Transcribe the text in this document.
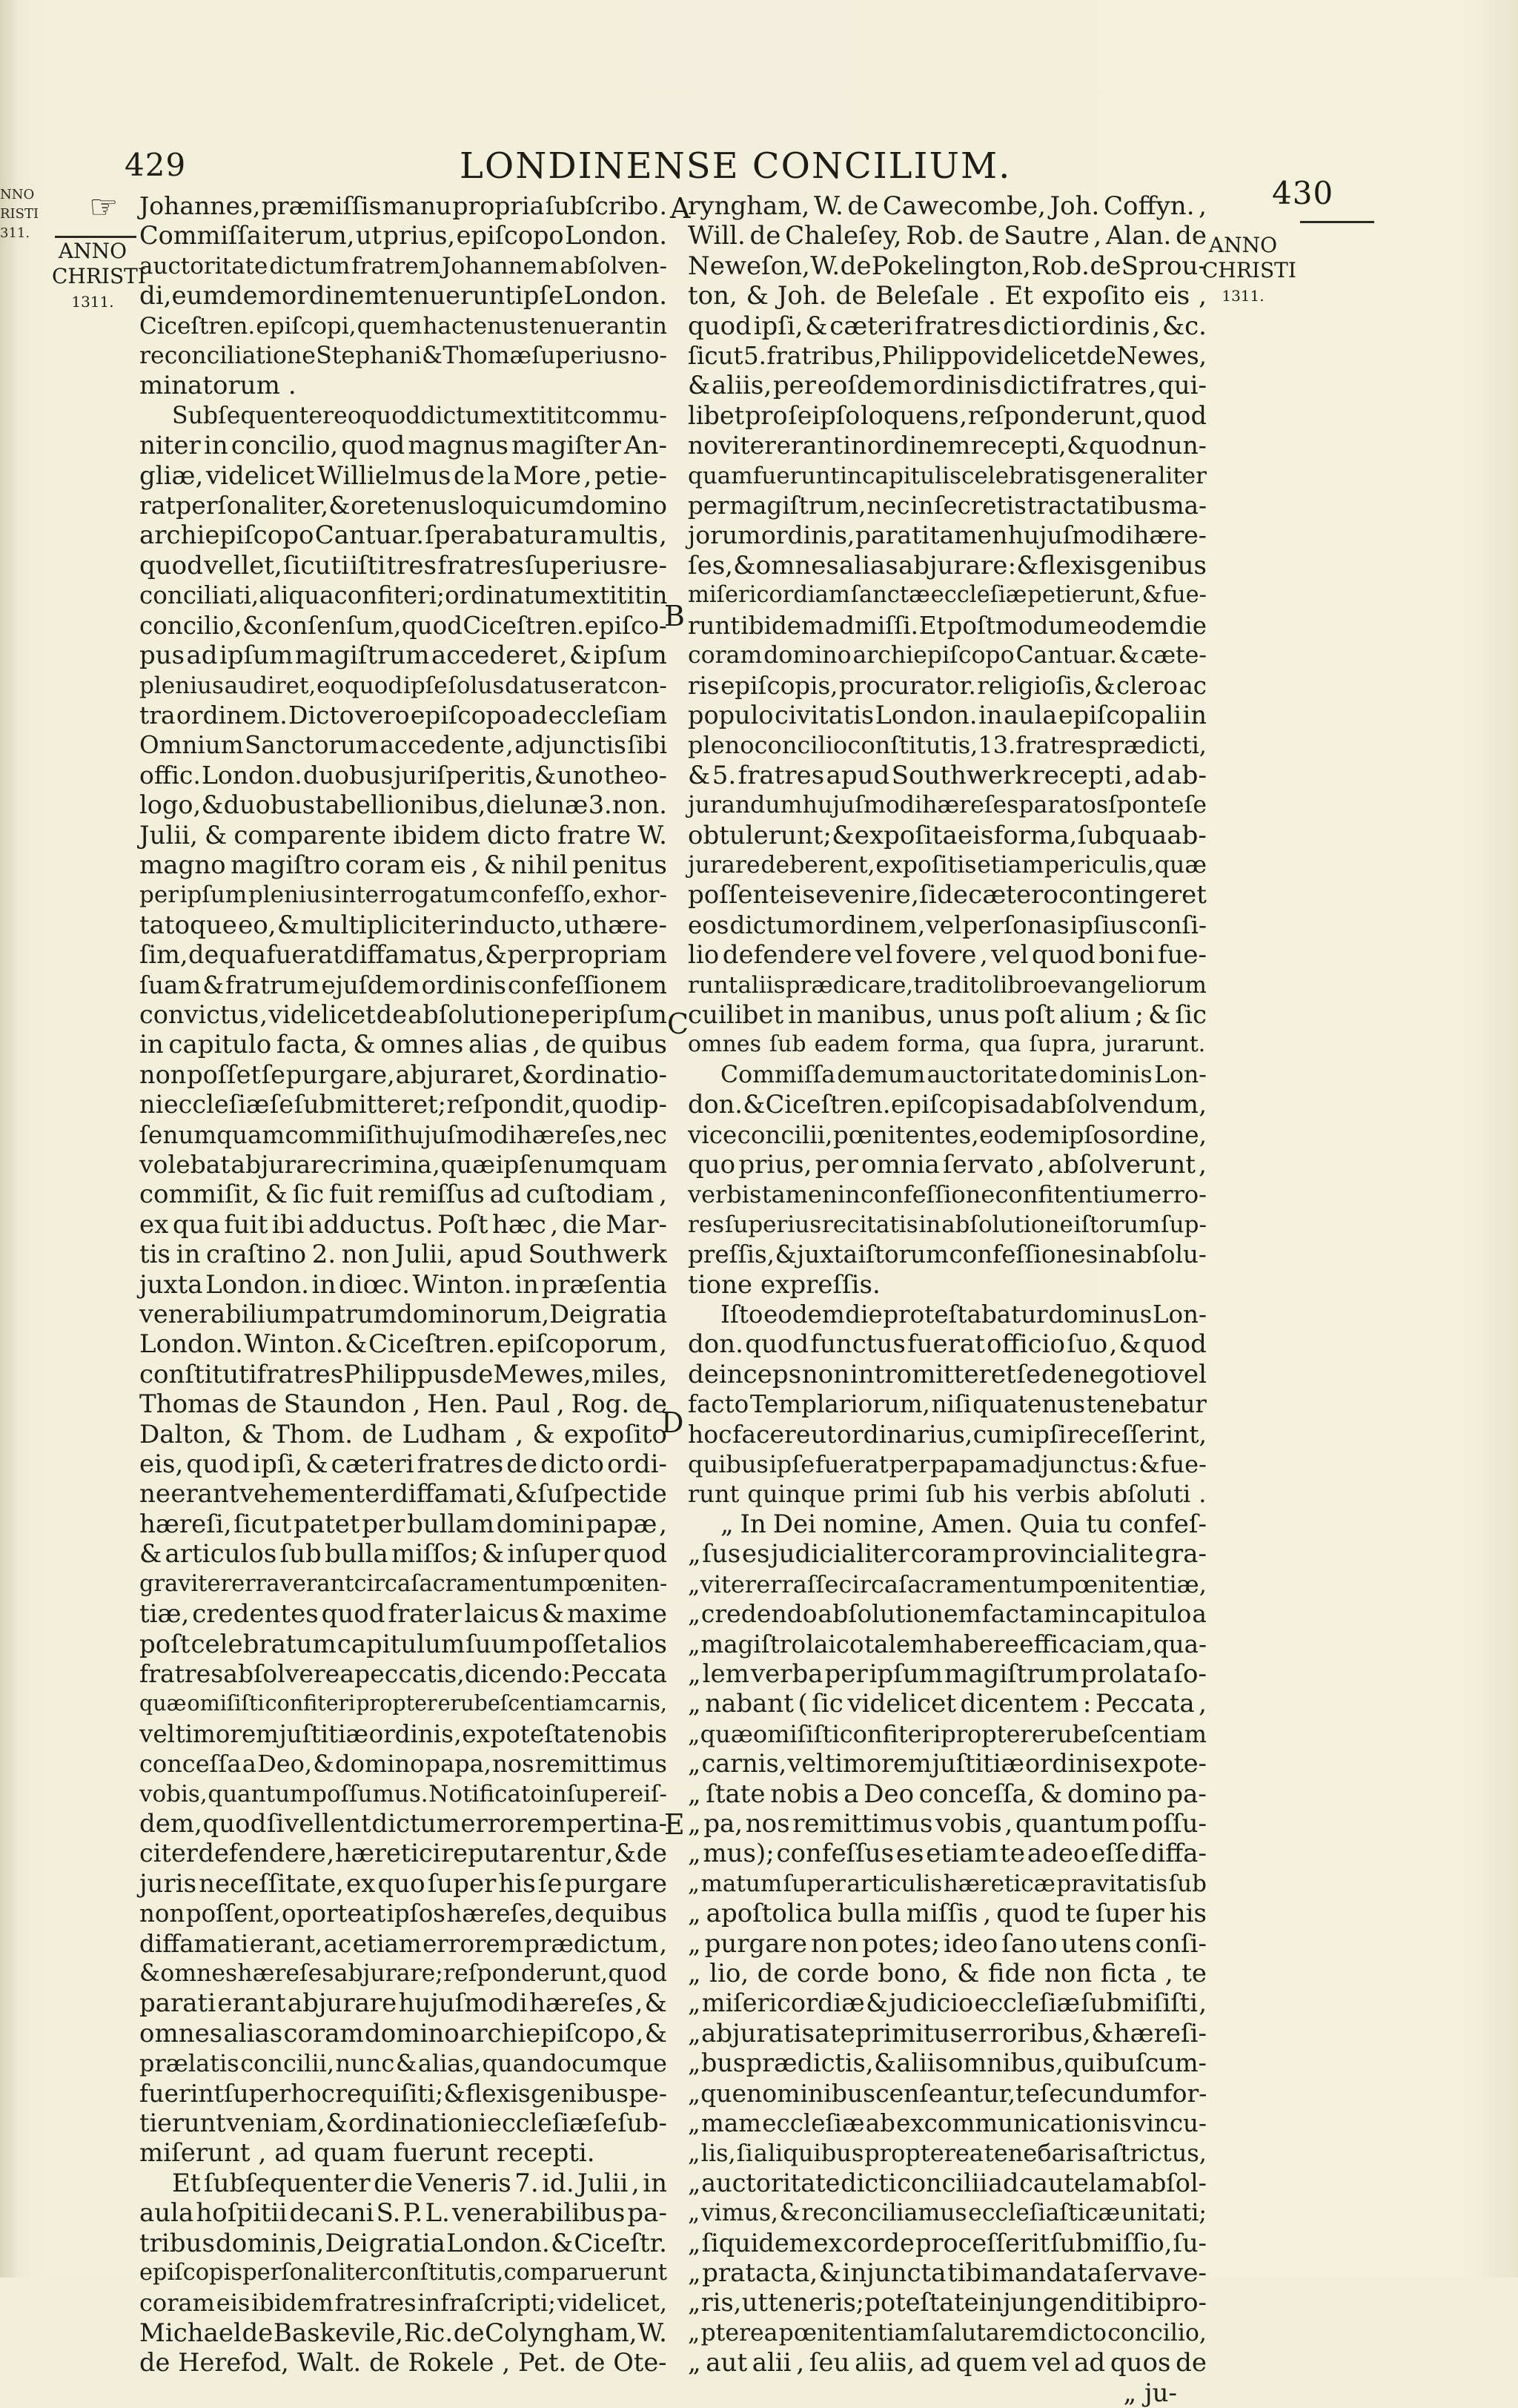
NNO
RISTI
311.
429	LONDINENSE CONCILIUM.
430
☞
ANNO
CHRISTI
1311.
ANNO
CHRISTI
1311.
Johannes, præmiſſis manu propria ſubſcribo .
Commiſſa iterum, ut prius, epiſcopo London.
auctoritate dictum fratrem Johannem abſolven-
di, eumdem ordinem tenuerunt ipſe London.
Ciceſtren. epiſcopi, quem hactenus tenuerant in
reconciliatione Stephani & Thomæ ſuperius no-
minatorum .
Subſequenter eo quod dictum extitit commu-
niter in concilio, quod magnus magiſter An-
gliæ, videlicet Willielmus de la More , petie-
rat perſonaliter, & oretenus loqui cum domino
archiepiſcopo Cantuar. ſperabatur a multis ,
quod vellet, ſicuti iſti tres fratres ſuperius re-
conciliati, aliqua confiteri; ordinatum extitit in
concilio , & conſenſum, quod Ciceſtren. epiſco-
pus ad ipſum magiſtrum accederet , & ipſum
plenius audiret, eo quod ipſe ſolus datus erat con-
tra ordinem. Dicto vero epiſcopo ad eccleſiam
Omnium Sanctorum accedente , adjunctis ſibi
offic. London. duobus juriſperitis, & uno theo-
logo, & duobus tabellionibus, die lunæ 3. non.
Julii, & comparente ibidem dicto fratre W.
magno magiſtro coram eis , & nihil penitus
per ipſum plenius interrogatum confeſſo, exhor-
tatoque eo, & multipliciter inducto, ut hære-
ſim, de qua fuerat diffamatus, & per propriam
ſuam & fratrum ejuſdem ordinis confeſſionem
convictus , videlicet de abſolutione per ipſum
in capitulo facta, & omnes alias , de quibus
non poſſet ſe purgare, abjuraret, & ordinatio-
ni eccleſiæ ſe ſubmitteret; reſpondit , quod ip-
ſe numquam commiſit hujuſmodi hæreſes, nec
volebat abjurare crimina , quæ ipſe numquam
commiſit, & ſic fuit remiſſus ad cuſtodiam ,
ex qua fuit ibi adductus. Poſt hæc , die Mar-
tis in craſtino 2. non Julii, apud Southwerk
juxta London. in diœc. Winton. in præſentia
venerabilium patrum dominorum , Dei gratia
London. Winton. & Ciceſtren. epiſcoporum ,
conſtituti fratres Philippus de Mewes , miles ,
Thomas de Staundon , Hen. Paul , Rog. de
Dalton, & Thom. de Ludham , & expoſito
eis, quod ipſi, & cæteri fratres de dicto ordi-
ne erant vehementer diffamati , & ſuſpecti de
hæreſi, ſicut patet per bullam domini papæ ,
& articulos ſub bulla miſſos; & inſuper quod
graviter erraverant circa ſacramentum pœniten-
tiæ, credentes quod frater laicus & maxime
poſt celebratum capitulum ſuum poſſet alios
fratres abſolvere a peccatis, dicendo : Peccata
quæ omiſiſti confiteri propter erubeſcentiam carnis,
vel timorem juſtitiæ ordinis , ex poteſtate nobis
conceſſa a Deo, & domino papa, nos remittimus
vobis, quantum poſſumus. Notificato inſuper eiſ-
dem, quod ſi vellent dictum errorem pertina-
citer defendere , hæretici reputarentur , & de
juris neceſſitate, ex quo ſuper his ſe purgare
non poſſent, oporteat ipſos hæreſes, de quibus
diffamati erant, ac etiam errorem prædictum ,
& omnes hæreſes abjurare; reſponderunt , quod
parati erant abjurare hujuſmodi hæreſes , &
omnes alias coram domino archiepiſcopo , &
prælatis concilii, nunc & alias, quandocumque
fuerint ſuper hoc requiſiti; & flexis genibus pe-
tierunt veniam, & ordinationi eccleſiæ ſe ſub-
miſerunt , ad quam fuerunt recepti.
Et ſubſequenter die Veneris 7. id. Julii , in
aula hoſpitii decani S. P. L. venerabilibus pa-
tribus dominis, Dei gratia London. & Ciceſtr.
epiſcopis perſonaliter conſtitutis , comparuerunt
coram eis ibidem fratres infraſcripti; videlicet,
Michael de Baskevile, Ric. de Colyngham, W.
de Herefod, Walt. de Rokele , Pet. de Ote-
ryngham, W. de Cawecombe, Joh. Coffyn. ,
Will. de Chaleſey, Rob. de Sautre , Alan. de
Neweſon, W. de Pokelington, Rob. de Sprou-
ton, & Joh. de Beleſale . Et expoſito eis ,
quod ipſi, & cæteri fratres dicti ordinis , &c.
ſicut 5. fratribus , Philippo videlicet de Newes,
& aliis, per eoſdem ordinis dicti fratres , qui-
libet pro ſeipſo loquens , reſponderunt , quod
noviter erant in ordinem recepti, & quod nun-
quam fuerunt in capitulis celebratis generaliter
per magiſtrum, nec in ſecretis tractatibus ma-
jorum ordinis, parati tamen hujuſmodi hære-
ſes, & omnes alias abjurare : & flexis genibus
miſericordiam ſanctæ eccleſiæ petierunt, & fue-
runt ibidem admiſſi. Et poſtmodum eodem die
coram domino archiepiſcopo Cantuar. & cæte-
ris epiſcopis, procurator. religioſis, & clero ac
populo civitatis London. in aula epiſcopali in
pleno concilio conſtitutis, 13. fratres prædicti,
& 5. fratres apud Southwerk recepti , ad ab-
jurandum hujuſmodi hæreſes paratos ſponte ſe
obtulerunt; & expoſita eis forma, ſub qua ab-
jurare deberent, expoſitis etiam periculis, quæ
poſſent eis evenire , ſi de cætero contingeret
eos dictum ordinem , vel perſonas ipſius conſi-
lio defendere vel fovere , vel quod boni fue-
runt aliis prædicare, tradito libro evangeliorum
cuilibet in manibus, unus poſt alium ; & ſic
omnes ſub eadem forma, qua ſupra, jurarunt.
Commiſſa demum auctoritate dominis Lon-
don. & Ciceſtren. epiſcopis ad abſolvendum ,
vice concilii, pœnitentes, eodem ipſos ordine,
quo prius, per omnia ſervato , abſolverunt ,
verbis tamen in confeſſione confitentium erro-
res ſuperius recitatis in abſolutione iſtorum ſup-
preſſis, & juxta iſtorum confeſſiones in abſolu-
tione expreſſis.
Iſto eodem die proteſtabatur dominus Lon-
don. quod functus fuerat officio ſuo , & quod
deinceps non intromitteret ſe de negotio vel
facto Templariorum, niſi quatenus tenebatur
hoc facere ut ordinarius, cum ipſi receſſerint,
quibus ipſe fuerat per papam adjunctus : & fue-
runt quinque primi ſub his verbis abſoluti .
„ In Dei nomine, Amen. Quia tu confeſ-
„ ſus es judicialiter coram provinciali te gra-
„ viter erraſſe circa ſacramentum pœnitentiæ ,
„ credendo abſolutionem factam in capitulo a
„ magiſtro laico talem habere efficaciam , qua-
„ lem verba per ipſum magiſtrum prolata ſo-
„ nabant ( ſic videlicet dicentem : Peccata ,
„ quæ omiſiſti confiteri propter erubeſcentiam
„ carnis, vel timorem juſtitiæ ordinis ex pote-
„ ſtate nobis a Deo conceſſa, & domino pa-
„ pa, nos remittimus vobis , quantum poſſu-
„ mus); confeſſus es etiam te adeo eſſe diffa-
„ matum ſuper articulis hæreticæ pravitatis ſub
„ apoſtolica bulla miſſis , quod te ſuper his
„ purgare non potes; ideo ſano utens conſi-
„ lio, de corde bono, & fide non ficta , te
„ miſericordiæ & judicio eccleſiæ ſubmiſiſti ,
„ abjuratis a te primitus erroribus , & hæreſi-
„ bus prædictis, & aliis omnibus , quibuſcum-
„ que nominibus cenſeantur, te ſecundum for-
„ mam eccleſiæ ab excommunicationis vincu-
„ lis, ſi aliquibus propterea teneбaris aſtrictus,
„ auctoritate dicti concilii ad cautelam abſol-
„ vimus, & reconciliamus eccleſiaſticæ unitati;
„ ſiquidem ex corde proceſſerit ſubmiſſio, ſu-
„ pratacta, & injuncta tibi mandata ſervave-
„ ris, ut teneris; poteſtate injungendi tibi pro-
„ pterea pœnitentiam ſalutarem dicto concilio,
„ aut alii , ſeu aliis, ad quem vel ad quos de
„ ju-
A
B
C
D
E
